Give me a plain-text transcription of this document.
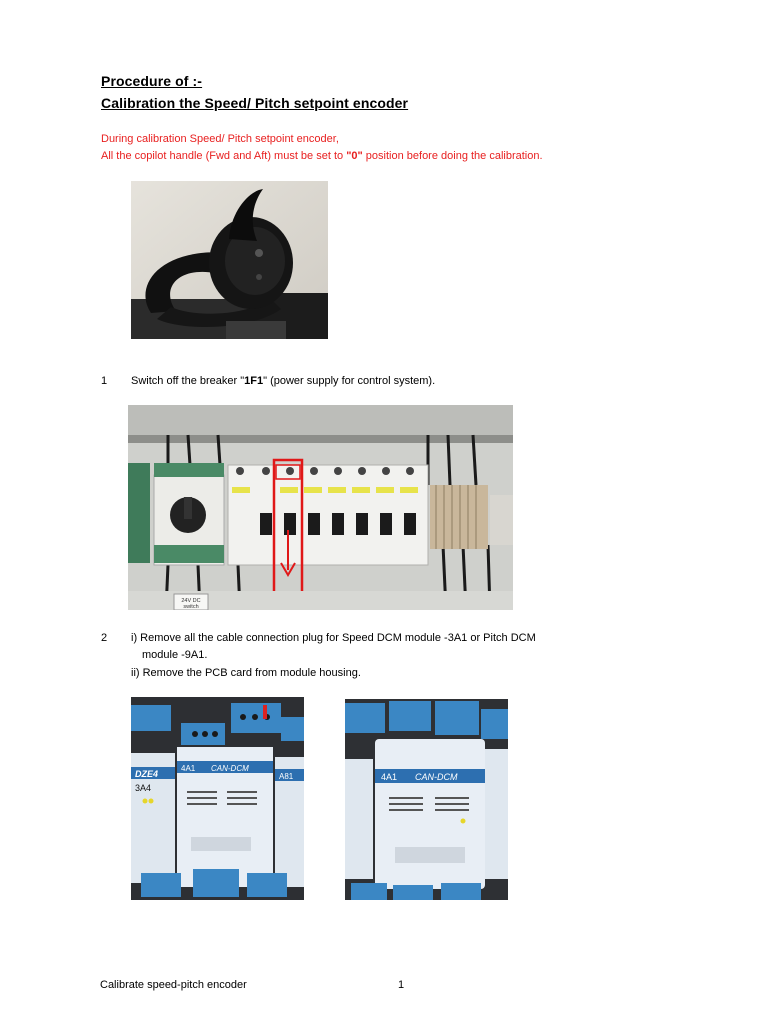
Procedure of :-
Calibration the Speed/ Pitch setpoint encoder
During calibration Speed/ Pitch setpoint encoder,
All the copilot handle (Fwd and Aft) must be set to "0" position before doing the calibration.
1 Switch off the breaker "1F1" (power supply for control system).
24V DC
switch
2 i) Remove all the cable connection plug for Speed DCM module -3A1 or Pitch DCM
module -9A1.
ii) Remove the PCB card from module housing.
DZE4
3A4
4A1 CAN-DCM
A81	4A1 CAN-DCM
Calibrate speed-pitch encoder	1
